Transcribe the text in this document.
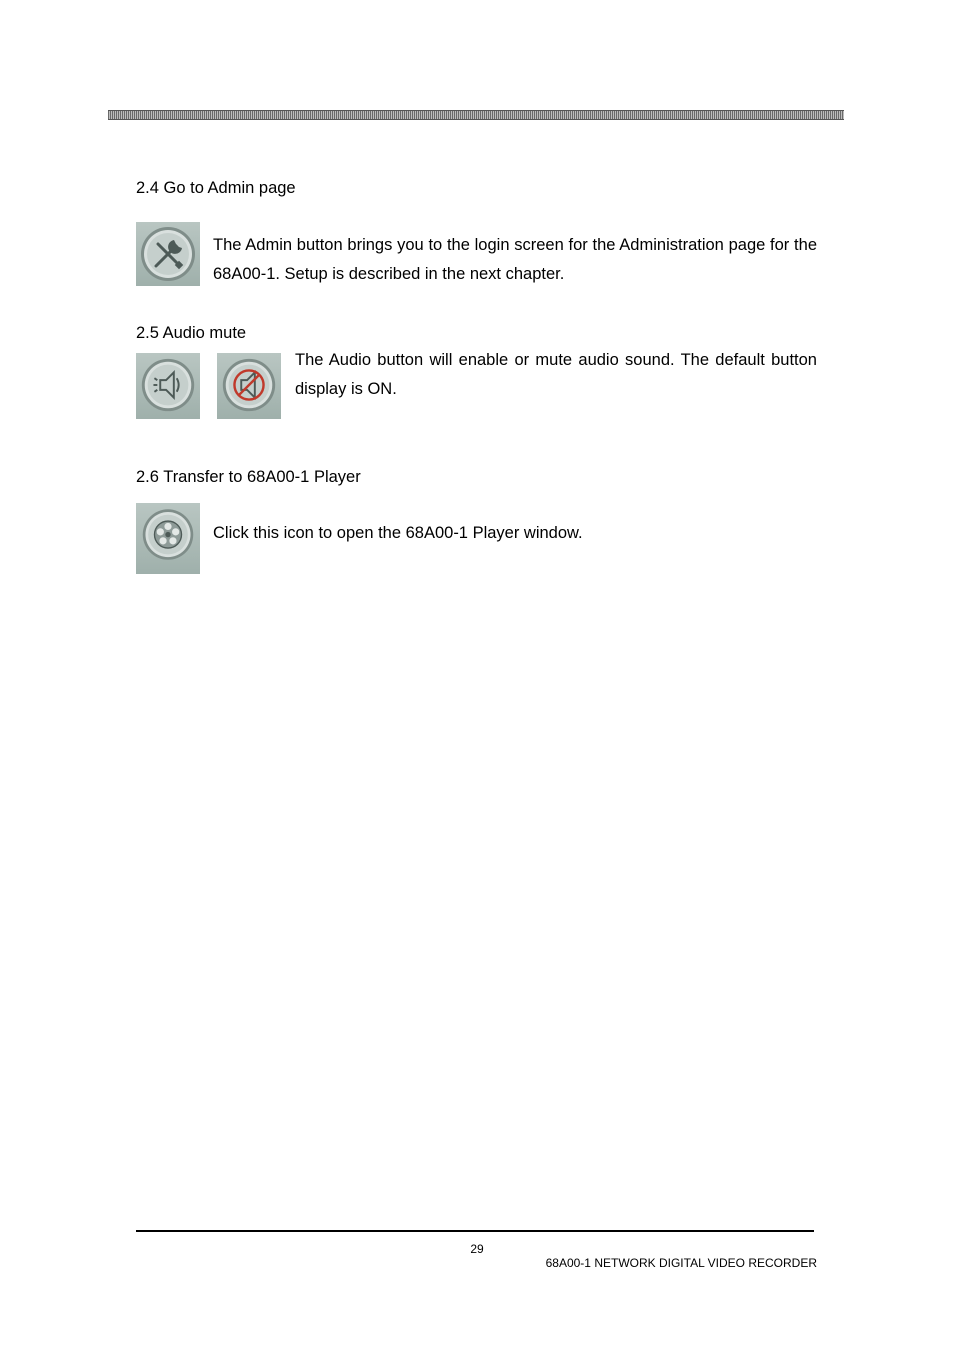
2.4 Go to Admin page

The Admin button brings you to the login screen for the Administration page for the 68A00-1. Setup is described in the next chapter.

2.5 Audio mute

The Audio button will enable or mute audio sound. The default button display is ON.

2.6 Transfer to 68A00-1 Player

Click this icon to open the 68A00-1 Player window.

29
68A00-1 NETWORK DIGITAL VIDEO RECORDER
